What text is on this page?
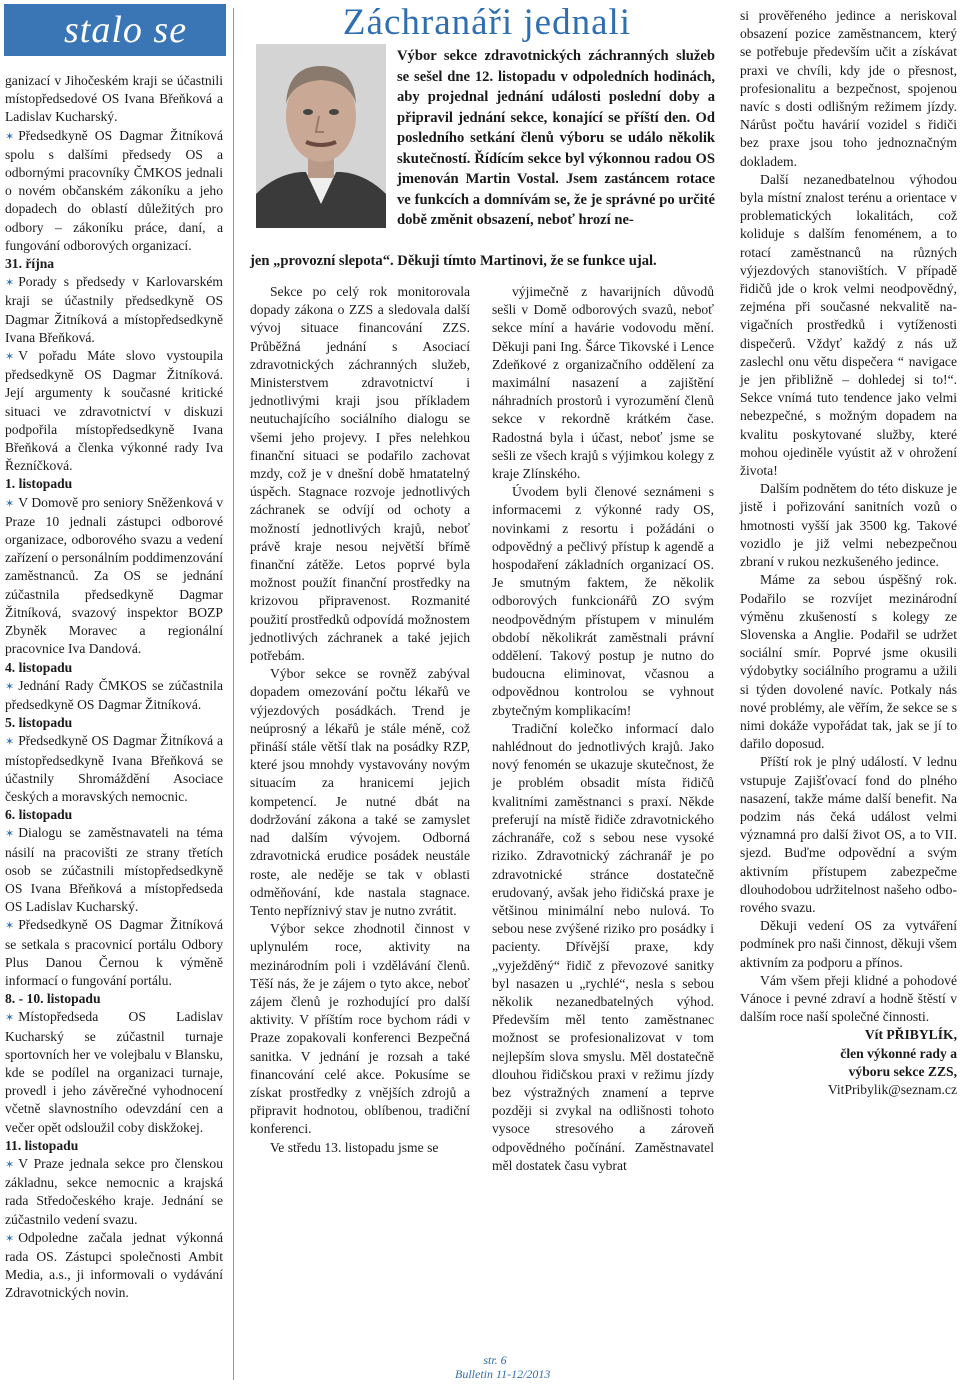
stalo se

ganizací v Jihočeském kraji se účastnili místopředsedové OS Ivana Břeňková a Ladislav Kucharský.

✶ Předsedkyně OS Dagmar Žitníková spolu s dalšími předsedy OS a odbornými pracovníky ČMKOS jednali o novém občanském zákoníku a jeho dopadech do oblastí důležitých pro odbory – zákoníku práce, daní, a fungování odborových organizací.

31. října

✶ Porady s předsedy v Karlovarském kraji se účastnily předsedkyně OS Dagmar Žitníková a místopředsedkyně Ivana Břeňková.

✶ V pořadu Máte slovo vystoupila předsedkyně OS Dagmar Žitníková. Její argumenty k současné kritické situaci ve zdravotnictví v diskuzi podpořila místopředsedkyně Ivana Břeňková a členka výkonné rady Iva Řezníčková.

1. listopadu

✶ V Domově pro seniory Sněženková v Praze 10 jednali zástupci odborové organizace, odborového svazu a vedení zařízení o personálním poddimenzování zaměstnanců. Za OS se jednání zúčastnila předsedkyně Dagmar Žitníková, svazový inspektor BOZP Zbyněk Moravec a regionální pracovnice Iva Dandová.

4. listopadu

✶ Jednání Rady ČMKOS se zúčastnila předsedkyně OS Dagmar Žitníková.

5. listopadu

✶ Předsedkyně OS Dagmar Žitníková a místopředsedkyně Ivana Břeňková se účastnily Shromáždění Asociace českých a moravských nemocnic.

6. listopadu

✶ Dialogu se zaměstnavateli na téma násilí na pracovišti ze strany třetích osob se zúčastnili místopředsedkyně OS Ivana Břeňková a místopředseda OS Ladislav Kucharský.

✶ Předsedkyně OS Dagmar Žitníková se setkala s pracovnicí portálu Odbory Plus Danou Černou k výměně informací o fungování portálu.

8. - 10. listopadu

✶ Místopředseda OS Ladislav Kucharský se zúčastnil turnaje sportovních her ve volejbalu v Blansku, kde se podílel na organizaci turnaje, provedl i jeho závěrečné vyhodnocení včetně slavnostního odevzdání cen a večer opět odsloužil coby diskžokej.

11. listopadu

✶ V Praze jednala sekce pro členskou základnu, sekce nemocnic a krajská rada Středočeského kraje. Jednání se zúčastnilo vedení svazu.

✶ Odpoledne začala jednat výkonná rada OS. Zástupci společnosti Ambit Media, a.s., ji informovali o vydávání Zdravotnických novin.

Záchranáři jednali
Výbor sekce zdravotnických záchranných služeb se sešel dne 12. listopadu v odpoledních hodinách, aby projednal jednání události poslední doby a připravil jednání sekce, konající se příští den. Od posledního setkání členů výboru se událo několik skutečností. Řídícím sekce byl výkonnou radou OS jmenován Martin Vostal. Jsem zastáncem rotace ve funkcích a domnívám se, že je správné po určité době změnit obsazení, neboť hrozí ne-
jen „provozní slepota“. Děkuji tímto Martinovi, že se funkce ujal.

Sekce po celý rok monitorovala dopady zákona o ZZS a sledovala další vývoj situace financování ZZS. Průběžná jednání s Asociací zdravotnických záchranných služeb, Ministerstvem zdravotnictví i jednotlivými kraji jsou příkladem neutuchajícího sociálního dialogu se všemi jeho projevy. I přes nelehkou finanční situaci se podařilo zachovat mzdy, což je v dnešní době hmatatelný úspěch. Stagnace rozvoje jednotlivých záchranek se odvíjí od ochoty a možností jednotlivých krajů, neboť právě kraje nesou největší břímě finanční zátěže. Letos poprvé byla možnost použít finanční prostředky na krizovou připravenost. Rozmanité použití prostředků odpovídá možnostem jednotlivých záchranek a také jejich potřebám.

Výbor sekce se rovněž zabýval dopadem omezování počtu lékařů ve výjezdových posádkách. Trend je neúprosný a lékařů je stále méně, což přináší stále větší tlak na posádky RZP, které jsou mnohdy vystavovány novým situacím za hranicemi jejich kompetencí. Je nutné dbát na dodržování zákona a také se zamyslet nad dalším vývojem. Odborná zdravotnická erudice posádek neustále roste, ale neděje se tak v oblasti odměňování, kde nastala stagnace. Tento nepříznivý stav je nutno zvrátit.

Výbor sekce zhodnotil činnost v uplynulém roce, aktivity na mezinárodním poli i vzdělávání členů. Těší nás, že je zájem o tyto akce, neboť zájem členů je rozhodující pro další aktivity. V příštím roce bychom rádi v Praze zopakovali konferenci Bezpečná sanitka. V jednání je rozsah a také financování celé akce. Pokusíme se získat prostředky z vnějších zdrojů a připravit hodnotou, oblíbenou, tradiční konferenci.

Ve středu 13. listopadu jsme se

výjimečně z havarijních důvodů sešli v Domě odborových svazů, neboť sekce míní a havárie vodovodu mění. Děkuji pani Ing. Šárce Tikovské i Lence Zdeňkové z organizačního oddělení za maximální nasazení a zajištění náhradních prostorů i vyrozumění členů sekce v rekordně krátkém čase. Radostná byla i účast, neboť jsme se sešli ze všech krajů s výjimkou kolegy z kraje Zlínského.

Úvodem byli členové seznámeni s informacemi z výkonné rady OS, novinkami z resortu i požádáni o odpovědný a pečlivý přístup k agendě a hospodaření základních organizací OS. Je smutným faktem, že několik odborových funkcionářů ZO svým neodpovědným přístupem v minulém období několikrát zaměstnali právní oddělení. Takový postup je nutno do budoucna eliminovat, včasnou a odpovědnou kontrolou se vyhnout zbytečným komplikacím!

Tradiční kolečko informací dalo nahlédnout do jednotlivých krajů. Jako nový fenomén se ukazuje skutečnost, že je problém obsadit místa řidičů kvalitními zaměstnanci s praxí. Někde preferují na místě řidiče zdravotnického záchranáře, což s sebou nese vysoké riziko. Zdravotnický záchranář je po zdravotnické stránce dostatečně erudovaný, avšak jeho řidičská praxe je většinou minimální nebo nulová. To sebou nese zvýšené riziko pro posádky i pacienty. Dřívější praxe, kdy „vyježděný“ řidič z převozové sanitky byl nasazen u „rychlé“, nesla s sebou několik nezanedbatelných výhod. Především měl tento zaměstnanec možnost se profesionalizovat v tom nejlepším slova smyslu. Měl dostatečně dlouhou řidičskou praxi v režimu jízdy bez výstražných znamení a teprve později si zvykal na odlišnosti tohoto vysoce stresového a zároveň odpovědného počínání. Zaměstnavatel měl dostatek času vybrat

si prověřeného jedince a neriskoval obsazení pozice zaměstnancem, který se potřebuje především učit a získávat praxi ve chvíli, kdy jde o přesnost, profesionalitu a bezpečnost, spojenou navíc s dosti odlišným režimem jízdy. Nárůst počtu havárií vozidel s řidiči bez praxe jsou toho jednoznačným dokladem.

Další nezanedbatelnou výhodou byla místní znalost terénu a orientace v problematických lokalitách, což koliduje s dalším fenoménem, a to rotací zaměstnanců na různých výjezdových stanovištích. V případě řidičů jde o krok velmi neodpovědný, zejména při současné nekvalitě navigačních prostředků i vytíženosti dispečerů. Vždyť každý z nás už zaslechl onu větu dispečera “ navigace je jen přibližně – dohledej si to!“. Sekce vnímá tuto tendence jako velmi nebezpečné, s možným dopadem na kvalitu poskytované služby, které mohou ojediněle vyústit až v ohrožení života!

Dalším podnětem do této diskuze je jistě i pořizování sanitních vozů o hmotnosti vyšší jak 3500 kg. Takové vozidlo je již velmi nebezpečnou zbraní v rukou nezkušeného jedince.

Máme za sebou úspěšný rok. Podařilo se rozvíjet mezinárodní výměnu zkušeností s kolegy ze Slovenska a Anglie. Podařil se udržet sociální smír. Poprvé jsme okusili výdobytky sociálního programu a užili si týden dovolené navíc. Potkaly nás nové problémy, ale věřím, že sekce se s nimi dokáže vypořádat tak, jak se jí to dařilo doposud.

Příští rok je plný událostí. V lednu vstupuje Zajišťovací fond do plného nasazení, takže máme další benefit. Na podzim nás čeká událost velmi významná pro další život OS, a to VII. sjezd. Buďme odpovědní a svým aktivním přístupem zabezpečme dlouhodobou udržitelnost našeho odborového svazu.

Děkuji vedení OS za vytváření podmínek pro naši činnost, děkuji všem aktivním za podporu a přínos.

Vám všem přeji klidné a pohodové Vánoce i pevné zdraví a hodně štěstí v dalším roce naší společné činnosti.

Vít PŘIBYLÍK,

člen výkonné rady a

výboru sekce ZZS,

VitPribylik@seznam.cz

str. 6
Bulletin 11-12/2013
